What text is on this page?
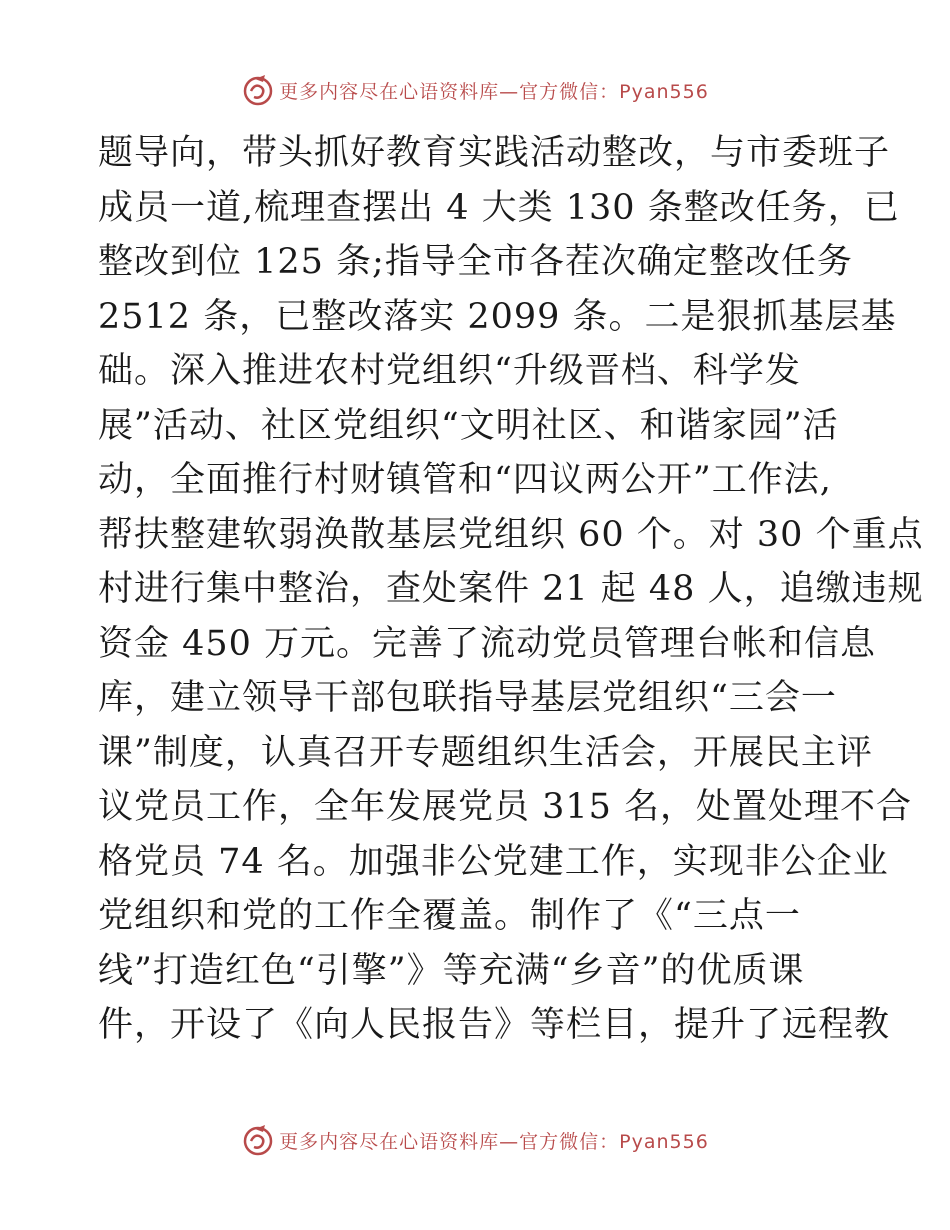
更多内容尽在心语资料库—官方微信：Pyan556
题导向，带头抓好教育实践活动整改，与市委班子
成员一道,梳理查摆出 4 大类 130 条整改任务，已
整改到位 125 条;指导全市各茬次确定整改任务
2512 条，已整改落实 2099 条。二是狠抓基层基
础。深入推进农村党组织“升级晋档、科学发
展”活动、社区党组织“文明社区、和谐家园”活
动，全面推行村财镇管和“四议两公开”工作法,
帮扶整建软弱涣散基层党组织 60 个。对 30 个重点
村进行集中整治，查处案件 21 起 48 人，追缴违规
资金 450 万元。完善了流动党员管理台帐和信息
库，建立领导干部包联指导基层党组织“三会一
课”制度，认真召开专题组织生活会，开展民主评
议党员工作，全年发展党员 315 名，处置处理不合
格党员 74 名。加强非公党建工作，实现非公企业
党组织和党的工作全覆盖。制作了《“三点一
线”打造红色“引擎”》等充满“乡音”的优质课
件，开设了《向人民报告》等栏目，提升了远程教
更多内容尽在心语资料库—官方微信：Pyan556
